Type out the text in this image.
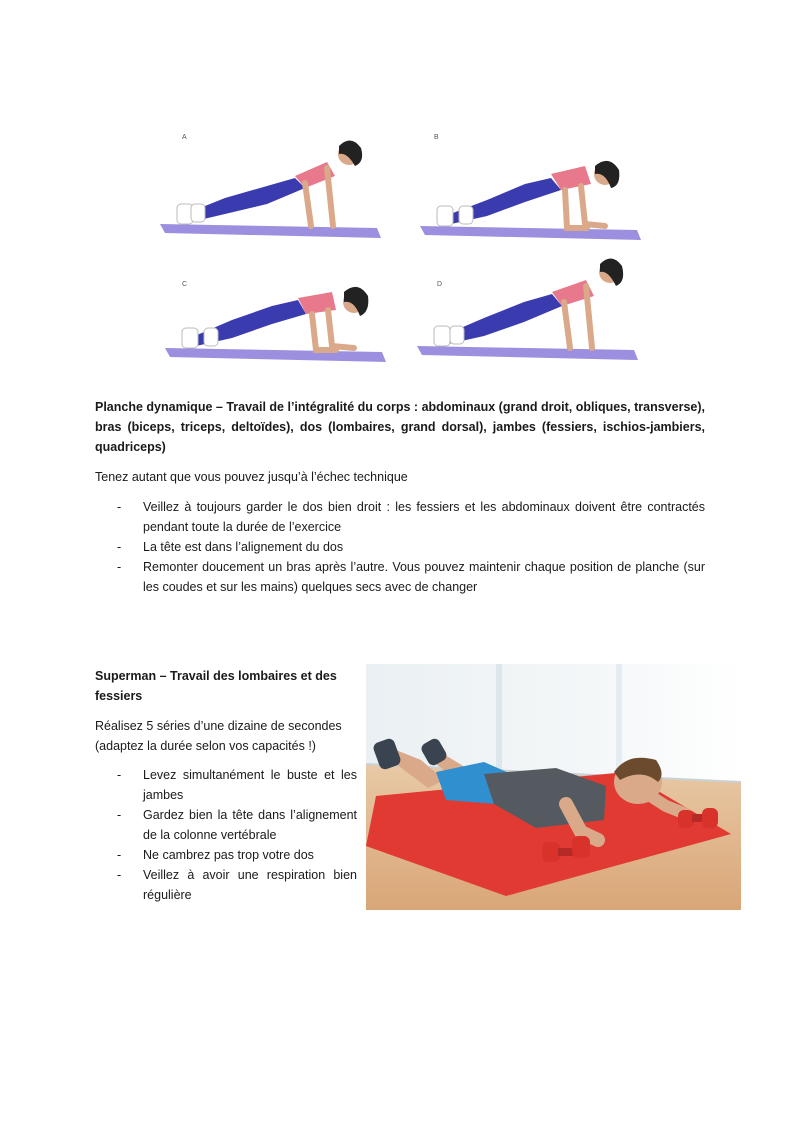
A	B
C	D
Planche dynamique – Travail de l’intégralité du corps : abdominaux (grand droit, obliques, transverse), bras (biceps, triceps, deltoïdes), dos (lombaires, grand dorsal), jambes (fessiers, ischios-jambiers, quadriceps)
Tenez autant que vous pouvez jusqu’à l’échec technique
- Veillez à toujours garder le dos bien droit : les fessiers et les abdominaux doivent être contractés pendant toute la durée de l’exercice
- La tête est dans l’alignement du dos
- Remonter doucement un bras après l’autre. Vous pouvez maintenir chaque position de planche (sur les coudes et sur les mains) quelques secs avec de changer
Superman – Travail des lombaires et des fessiers
Réalisez 5 séries d’une dizaine de secondes (adaptez la durée selon vos capacités !)
- Levez simultanément le buste et les jambes
- Gardez bien la tête dans l’alignement de la colonne vertébrale
- Ne cambrez pas trop votre dos
- Veillez à avoir une respiration bien régulière
